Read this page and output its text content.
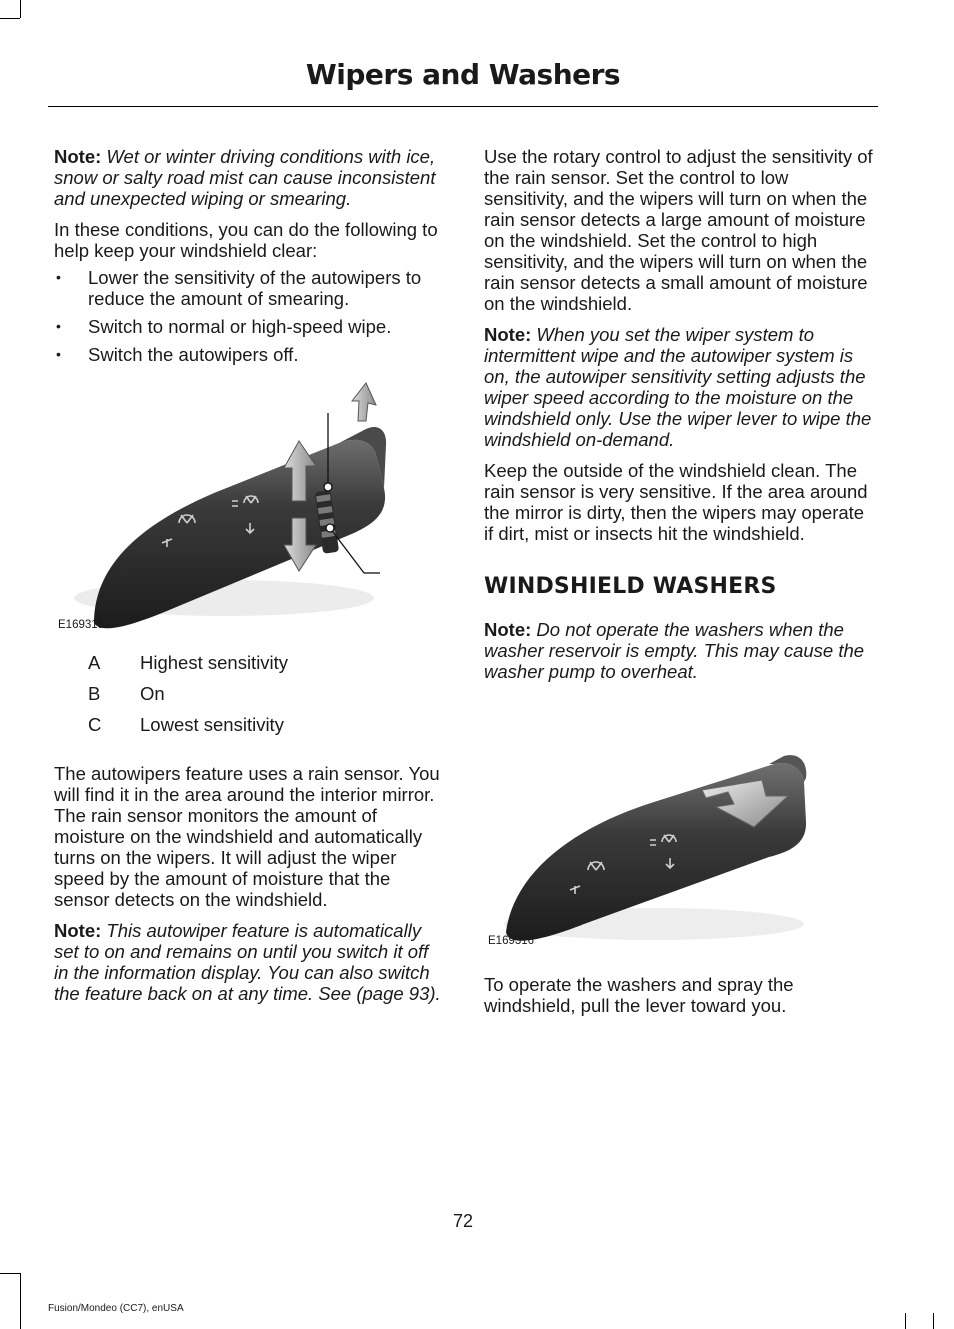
Wipers and Washers

Note: Wet or winter driving conditions with ice, snow or salty road mist can cause inconsistent and unexpected wiping or smearing.

In these conditions, you can do the following to help keep your windshield clear:

• Lower the sensitivity of the autowipers to reduce the amount of smearing.
• Switch to normal or high-speed wipe.
• Switch the autowipers off.
E169315
A	Highest sensitivity
B	On
C	Lowest sensitivity

The autowipers feature uses a rain sensor. You will find it in the area around the interior mirror. The rain sensor monitors the amount of moisture on the windshield and automatically turns on the wipers. It will adjust the wiper speed by the amount of moisture that the sensor detects on the windshield.

Note: This autowiper feature is automatically set to on and remains on until you switch it off in the information display. You can also switch the feature back on at any time. See (page 93).

Use the rotary control to adjust the sensitivity of the rain sensor. Set the control to low sensitivity, and the wipers will turn on when the rain sensor detects a large amount of moisture on the windshield. Set the control to high sensitivity, and the wipers will turn on when the rain sensor detects a small amount of moisture on the windshield.

Note: When you set the wiper system to intermittent wipe and the autowiper system is on, the autowiper sensitivity setting adjusts the wiper speed according to the moisture on the windshield only. Use the wiper lever to wipe the windshield on-demand.

Keep the outside of the windshield clean. The rain sensor is very sensitive. If the area around the mirror is dirty, then the wipers may operate if dirt, mist or insects hit the windshield.

WINDSHIELD WASHERS

Note: Do not operate the washers when the washer reservoir is empty. This may cause the washer pump to overheat.

E169316

To operate the washers and spray the windshield, pull the lever toward you.

72
Fusion/Mondeo (CC7), enUSA
